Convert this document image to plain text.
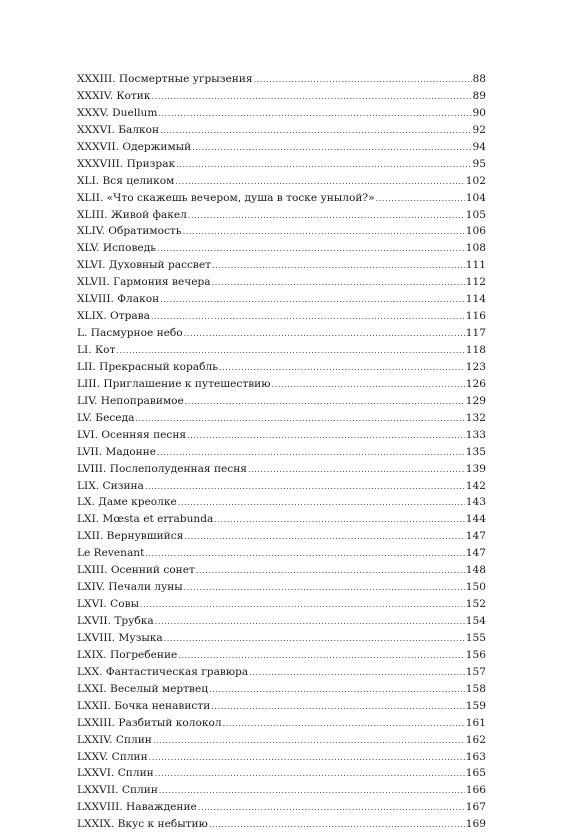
XXXIII. Посмертные угрызения .....	88
XXXIV. Котик .....	89
XXXV. Duellum .....	90
XXXVI. Балкон .....	92
XXXVII. Одержимый .....	94
XXXVIII. Призрак .....	95
XLI. Вся целиком .....	102
XLII. «Что скажешь вечером, душа в тоске унылой?» .....	104
XLIII. Живой факел .....	105
XLIV. Обратимость .....	106
XLV. Исповедь .....	108
XLVI. Духовный рассвет .....	111
XLVII. Гармония вечера .....	112
XLVIII. Флакон .....	114
XLIX. Отрава .....	116
L. Пасмурное небо .....	117
LI. Кот .....	118
LII. Прекрасный корабль .....	123
LIII. Приглашение к путешествию .....	126
LIV. Непоправимое .....	129
LV. Беседа .....	132
LVI. Осенняя песня .....	133
LVII. Мадонне .....	135
LVIII. Послеполуденная песня .....	139
LIX. Сизина .....	142
LX. Даме креолке .....	143
LXI. Mœsta et errabunda .....	144
LXII. Вернувшийся .....	147
Le Revenant .....	147
LXIII. Осенний сонет .....	148
LXIV. Печали луны .....	150
LXVI. Совы .....	152
LXVII. Трубка .....	154
LXVIII. Музыка .....	155
LXIX. Погребение .....	156
LXX. Фантастическая гравюра .....	157
LXXI. Веселый мертвец .....	158
LXXII. Бочка ненависти .....	159
LXXIII. Разбитый колокол .....	161
LXXIV. Сплин .....	162
LXXV. Сплин .....	163
LXXVI. Сплин .....	165
LXXVII. Сплин .....	166
LXXVIII. Наваждение .....	167
LXXIX. Вкус к небытию .....	169
